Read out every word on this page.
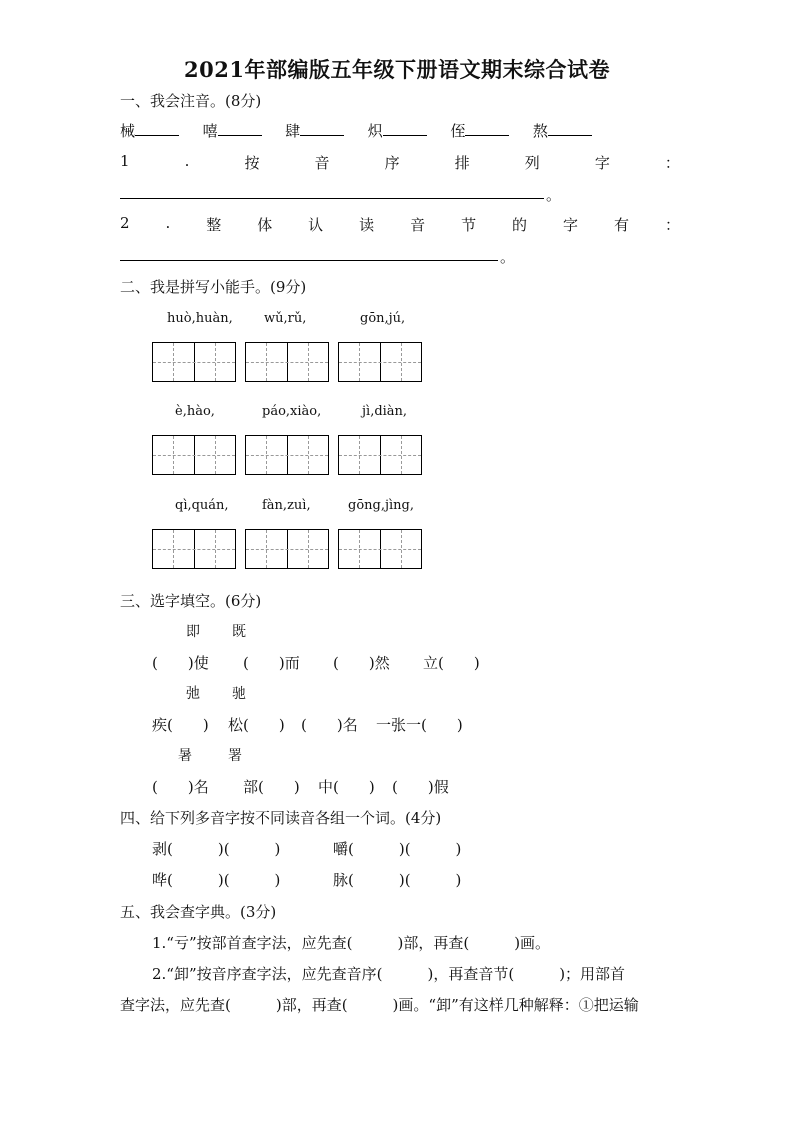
2021年部编版五年级下册语文期末综合试卷
一、我会注音。(8分)
械	嘻	肆	炽	侄	熬
1	.	按	音	序	排	列	字	：
。
2 . 整 体 认 读 音 节 的 字 有 ：
。
二、我是拼写小能手。(9分)
huò,huàn, wǔ,rǔ,	gōn,jú,
è,hào,	páo,xiào,	jì,diàn,
qì,quán,	fàn,zuì,	gōng,jìng,
三、选字填空。(6分)
即 既
(　　)使 (　　)而 (　　)然 立(　　)
弛 驰
疾(　　) 松(　　) (　　)名 一张一(　　)
暑	署
(　　)名 部(　　) 中(　　) (　　)假
四、给下列多音字按不同读音各组一个词。(4分)
剥(　　　)(　　　)	嚼(　　　)(　　　)
哗(　　　)(　　　)	脉(　　　)(　　　)
五、我会查字典。(3分)
1.“亏”按部首查字法，应先查(　　　)部，再查(　　　)画。
2.“卸”按音序查字法，应先查音序(　　　)，再查音节(　　　)；用部首
查字法，应先查(　　　)部，再查(　　　)画。“卸”有这样几种解释：①把运输
